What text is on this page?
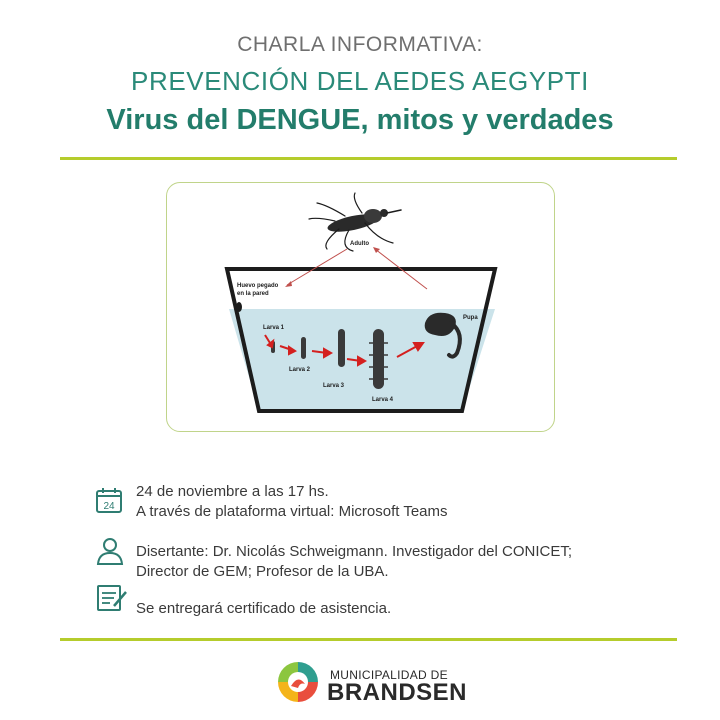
CHARLA INFORMATIVA:
PREVENCIÓN DEL AEDES AEGYPTI
Virus del DENGUE, mitos y verdades
Adulto
Huevo pegado
en la pared
Pupa
Larva 1
Larva 2
Larva 3
Larva 4
24
24 de noviembre a las 17 hs.
A través de plataforma virtual: Microsoft Teams
Disertante: Dr. Nicolás Schweigmann. Investigador del CONICET;
Director de GEM; Profesor de la UBA.
Se entregará certificado de asistencia.
MUNICIPALIDAD DE
BRANDSEN
